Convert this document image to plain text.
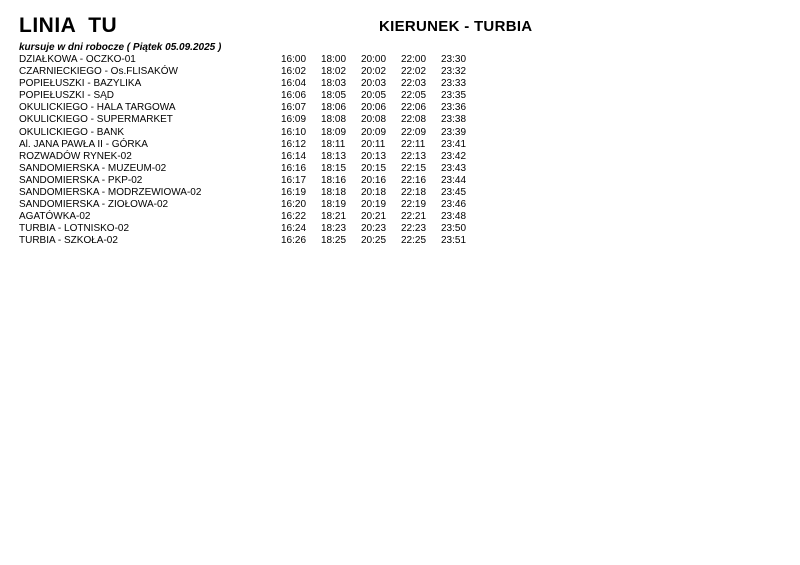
LINIA  TU	KIERUNEK - TURBIA
kursuje w dni robocze ( Piątek 05.09.2025 )
DZIAŁKOWA - OCZKO-01	16:00 18:00 20:00 22:00 23:30
CZARNIECKIEGO - Os.FLISAKÓW	16:02 18:02 20:02 22:02 23:32
POPIEŁUSZKI - BAZYLIKA	16:04 18:03 20:03 22:03 23:33
POPIEŁUSZKI - SĄD	16:06 18:05 20:05 22:05 23:35
OKULICKIEGO - HALA TARGOWA	16:07 18:06 20:06 22:06 23:36
OKULICKIEGO - SUPERMARKET	16:09 18:08 20:08 22:08 23:38
OKULICKIEGO - BANK	16:10 18:09 20:09 22:09 23:39
Al. JANA PAWŁA II - GÓRKA	16:12 18:11 20:11 22:11 23:41
ROZWADÓW RYNEK-02	16:14 18:13 20:13 22:13 23:42
SANDOMIERSKA - MUZEUM-02	16:16 18:15 20:15 22:15 23:43
SANDOMIERSKA - PKP-02	16:17 18:16 20:16 22:16 23:44
SANDOMIERSKA - MODRZEWIOWA-02	16:19 18:18 20:18 22:18 23:45
SANDOMIERSKA - ZIOŁOWA-02	16:20 18:19 20:19 22:19 23:46
AGATÓWKA-02	16:22 18:21 20:21 22:21 23:48
TURBIA - LOTNISKO-02	16:24 18:23 20:23 22:23 23:50
TURBIA - SZKOŁA-02	16:26 18:25 20:25 22:25 23:51
